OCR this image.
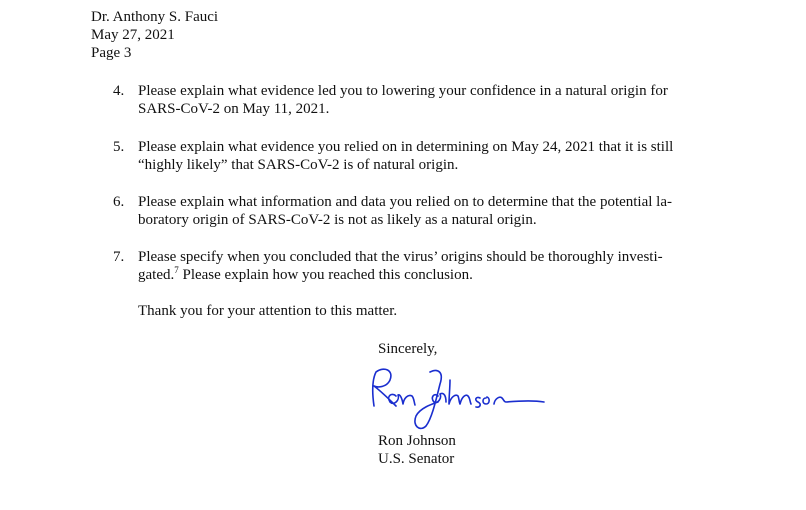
Dr. Anthony S. Fauci
May 27, 2021
Page 3
4. Please explain what evidence led you to lowering your confidence in a natural origin for
SARS-CoV-2 on May 11, 2021.
5. Please explain what evidence you relied on in determining on May 24, 2021 that it is still
“highly likely” that SARS-CoV-2 is of natural origin.
6. Please explain what information and data you relied on to determine that the potential la-
boratory origin of SARS-CoV-2 is not as likely as a natural origin.
7. Please specify when you concluded that the virus’ origins should be thoroughly investi-
gated.$^7$ Please explain how you reached this conclusion.
Thank you for your attention to this matter.
Sincerely,
Ron Johnson
U.S. Senator
